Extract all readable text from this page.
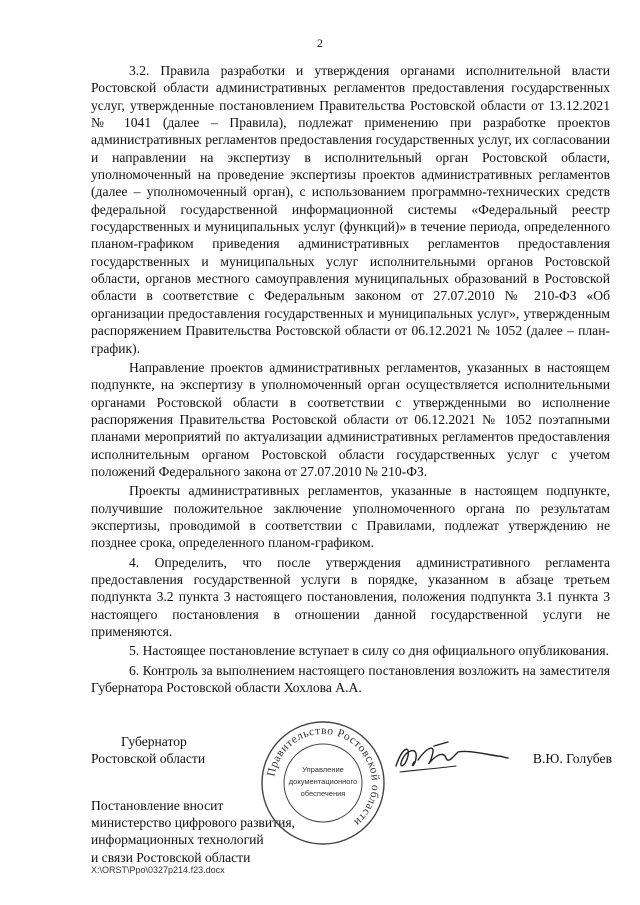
2

3.2. Правила разработки и утверждения органами исполнительной власти Ростовской области административных регламентов предоставления государственных услуг, утвержденные постановлением Правительства Ростовской области от 13.12.2021 № 1041 (далее – Правила), подлежат применению при разработке проектов административных регламентов предоставления государственных услуг, их согласовании и направлении на экспертизу в исполнительный орган Ростовской области, уполномоченный на проведение экспертизы проектов административных регламентов (далее – уполномоченный орган), с использованием программно-технических средств федеральной государственной информационной системы «Федеральный реестр государственных и муниципальных услуг (функций)» в течение периода, определенного планом-графиком приведения административных регламентов предоставления государственных и муниципальных услуг исполнительными органов Ростовской области, органов местного самоуправления муниципальных образований в Ростовской области в соответствие с Федеральным законом от 27.07.2010 № 210-ФЗ «Об организации предоставления государственных и муниципальных услуг», утвержденным распоряжением Правительства Ростовской области от 06.12.2021 № 1052 (далее – план-график).

Направление проектов административных регламентов, указанных в настоящем подпункте, на экспертизу в уполномоченный орган осуществляется исполнительными органами Ростовской области в соответствии с утвержденными во исполнение распоряжения Правительства Ростовской области от 06.12.2021 № 1052 поэтапными планами мероприятий по актуализации административных регламентов предоставления исполнительным органом Ростовской области государственных услуг с учетом положений Федерального закона от 27.07.2010 № 210-ФЗ.

Проекты административных регламентов, указанные в настоящем подпункте, получившие положительное заключение уполномоченного органа по результатам экспертизы, проводимой в соответствии с Правилами, подлежат утверждению не позднее срока, определенного планом-графиком.

4. Определить, что после утверждения административного регламента предоставления государственной услуги в порядке, указанном в абзаце третьем подпункта 3.2 пункта 3 настоящего постановления, положения подпункта 3.1 пункта 3 настоящего постановления в отношении данной государственной услуги не применяются.

5. Настоящее постановление вступает в силу со дня официального опубликования.

6. Контроль за выполнением настоящего постановления возложить на заместителя Губернатора Ростовской области Хохлова А.А.

Губернатор
Ростовской области	В.Ю. Голубев
Постановление вносит
министерство цифрового развития,
информационных технологий
и связи Ростовской области
Правительство Ростовской области
Управление
документационного
обеспечения
X:\ORST\Ppo\0327p214.f23.docx
